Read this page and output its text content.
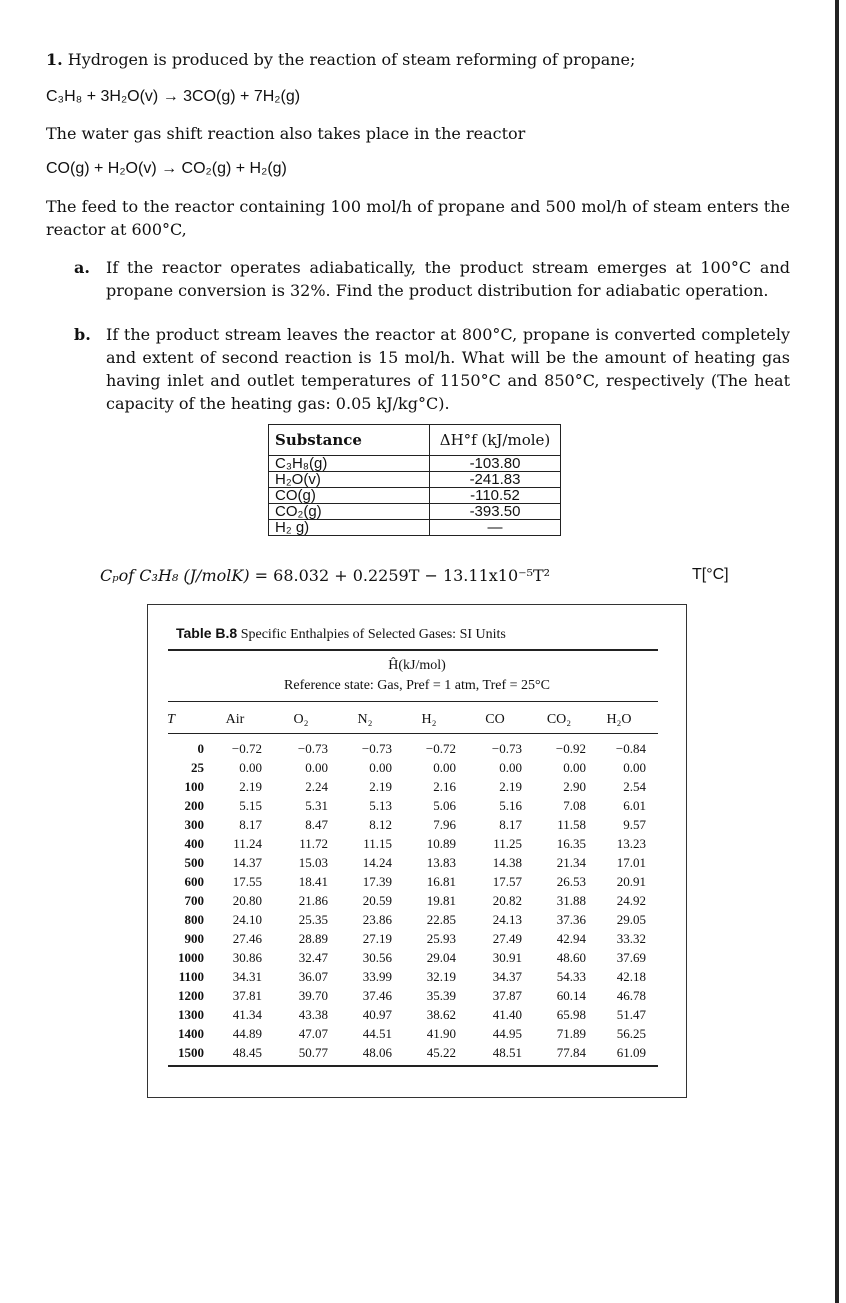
1. Hydrogen is produced by the reaction of steam reforming of propane;
C₃H₈ + 3H₂O(v) → 3CO(g) + 7H₂(g)
The water gas shift reaction also takes place in the reactor
CO(g) + H₂O(v) → CO₂(g) + H₂(g)
The feed to the reactor containing 100 mol/h of propane and 500 mol/h of steam enters the reactor at 600°C,
a. If the reactor operates adiabatically, the product stream emerges at 100°C and propane conversion is 32%. Find the product distribution for adiabatic operation.
b. If the product stream leaves the reactor at 800°C, propane is converted completely and extent of second reaction is 15 mol/h. What will be the amount of heating gas having inlet and outlet temperatures of 1150°C and 850°C, respectively (The heat capacity of the heating gas: 0.05 kJ/kg°C).
Substance	ΔH°f (kJ/mole)
C₃H₈(g)	-103.80
H₂O(v)	-241.83
CO(g)	-110.52
CO₂(g)	-393.50
H₂ g)	—
Cₚof C₃H₈ (J/molK) = 68.032 + 0.2259T − 13.11x10⁻⁵T²	T[°C]
Table B.8 Specific Enthalpies of Selected Gases: SI Units
Ĥ(kJ/mol)
Reference state: Gas, Pref = 1 atm, Tref = 25°C
T	Air	O₂	N₂	H₂	CO	CO₂	H₂O
0	−0.72	−0.73	−0.73	−0.72	−0.73	−0.92	−0.84
25	0.00	0.00	0.00	0.00	0.00	0.00	0.00
100	2.19	2.24	2.19	2.16	2.19	2.90	2.54
200	5.15	5.31	5.13	5.06	5.16	7.08	6.01
300	8.17	8.47	8.12	7.96	8.17	11.58	9.57
400	11.24	11.72	11.15	10.89	11.25	16.35	13.23
500	14.37	15.03	14.24	13.83	14.38	21.34	17.01
600	17.55	18.41	17.39	16.81	17.57	26.53	20.91
700	20.80	21.86	20.59	19.81	20.82	31.88	24.92
800	24.10	25.35	23.86	22.85	24.13	37.36	29.05
900	27.46	28.89	27.19	25.93	27.49	42.94	33.32
1000	30.86	32.47	30.56	29.04	30.91	48.60	37.69
1100	34.31	36.07	33.99	32.19	34.37	54.33	42.18
1200	37.81	39.70	37.46	35.39	37.87	60.14	46.78
1300	41.34	43.38	40.97	38.62	41.40	65.98	51.47
1400	44.89	47.07	44.51	41.90	44.95	71.89	56.25
1500	48.45	50.77	48.06	45.22	48.51	77.84	61.09
